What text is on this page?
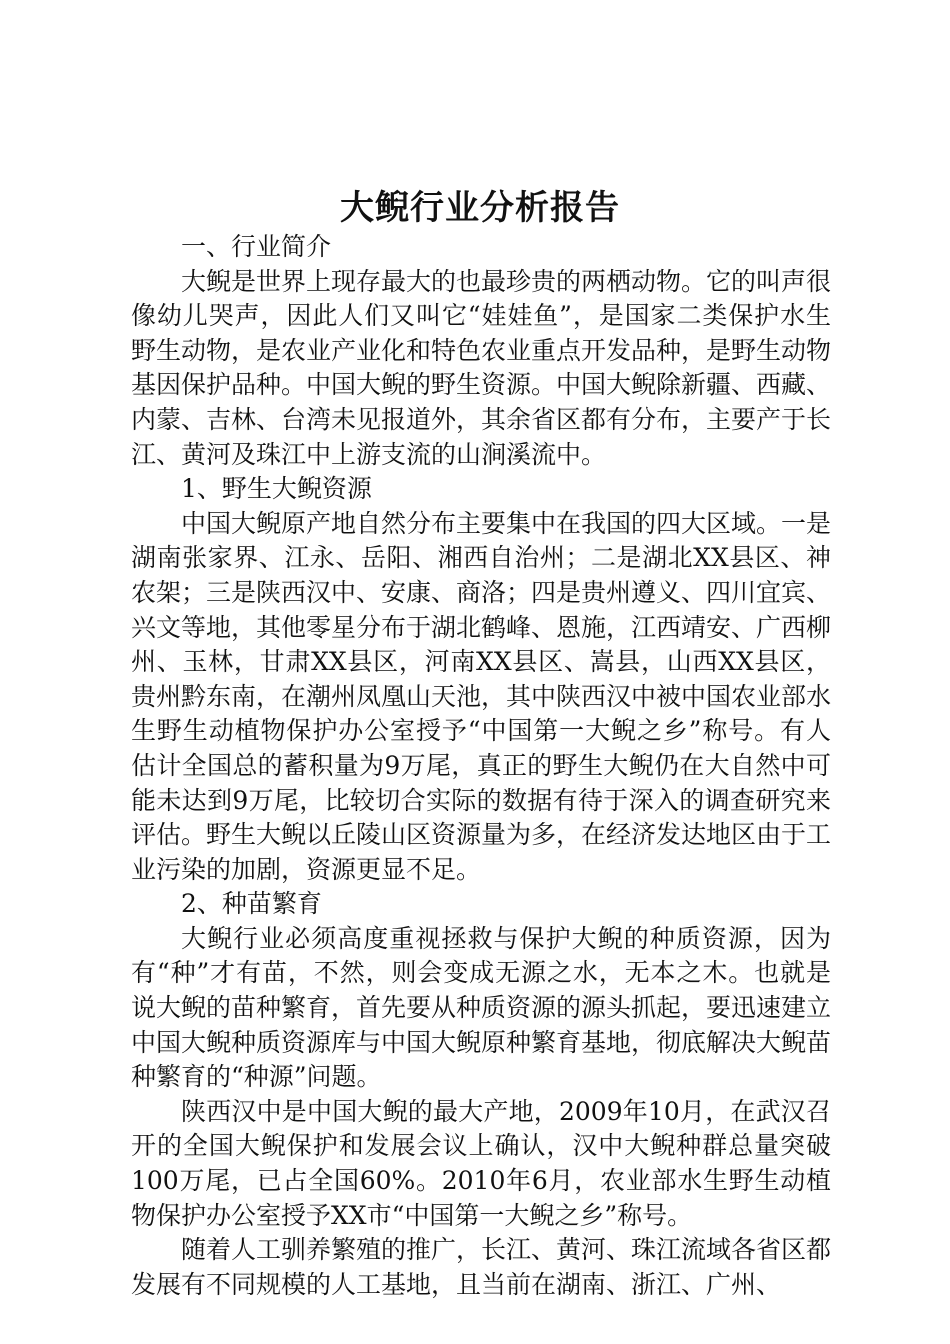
大鲵行业分析报告

一、行业简介

大鲵是世界上现存最大的也最珍贵的两栖动物。它的叫声很像幼儿哭声，因此人们又叫它“娃娃鱼”，是国家二类保护水生野生动物，是农业产业化和特色农业重点开发品种，是野生动物基因保护品种。中国大鲵的野生资源。中国大鲵除新疆、西藏、内蒙、吉林、台湾未见报道外，其余省区都有分布，主要产于长江、黄河及珠江中上游支流的山涧溪流中。

1、野生大鲵资源

中国大鲵原产地自然分布主要集中在我国的四大区域。一是湖南张家界、江永、岳阳、湘西自治州；二是湖北XX县区、神农架；三是陕西汉中、安康、商洛；四是贵州遵义、四川宜宾、兴文等地，其他零星分布于湖北鹤峰、恩施，江西靖安、广西柳州、玉林，甘肃XX县区，河南XX县区、嵩县，山西XX县区，贵州黔东南，在潮州凤凰山天池，其中陕西汉中被中国农业部水生野生动植物保护办公室授予“中国第一大鲵之乡”称号。有人估计全国总的蓄积量为9万尾，真正的野生大鲵仍在大自然中可能未达到9万尾，比较切合实际的数据有待于深入的调查研究来评估。野生大鲵以丘陵山区资源量为多，在经济发达地区由于工业污染的加剧，资源更显不足。

2、种苗繁育

大鲵行业必须高度重视拯救与保护大鲵的种质资源，因为有“种”才有苗，不然，则会变成无源之水，无本之木。也就是说大鲵的苗种繁育，首先要从种质资源的源头抓起，要迅速建立中国大鲵种质资源库与中国大鲵原种繁育基地，彻底解决大鲵苗种繁育的“种源”问题。

陕西汉中是中国大鲵的最大产地，2009年10月，在武汉召开的全国大鲵保护和发展会议上确认，汉中大鲵种群总量突破100万尾，已占全国60%。2010年6月，农业部水生野生动植物保护办公室授予XX市“中国第一大鲵之乡”称号。

随着人工驯养繁殖的推广，长江、黄河、珠江流域各省区都发展有不同规模的人工基地，且当前在湖南、浙江、广州、
